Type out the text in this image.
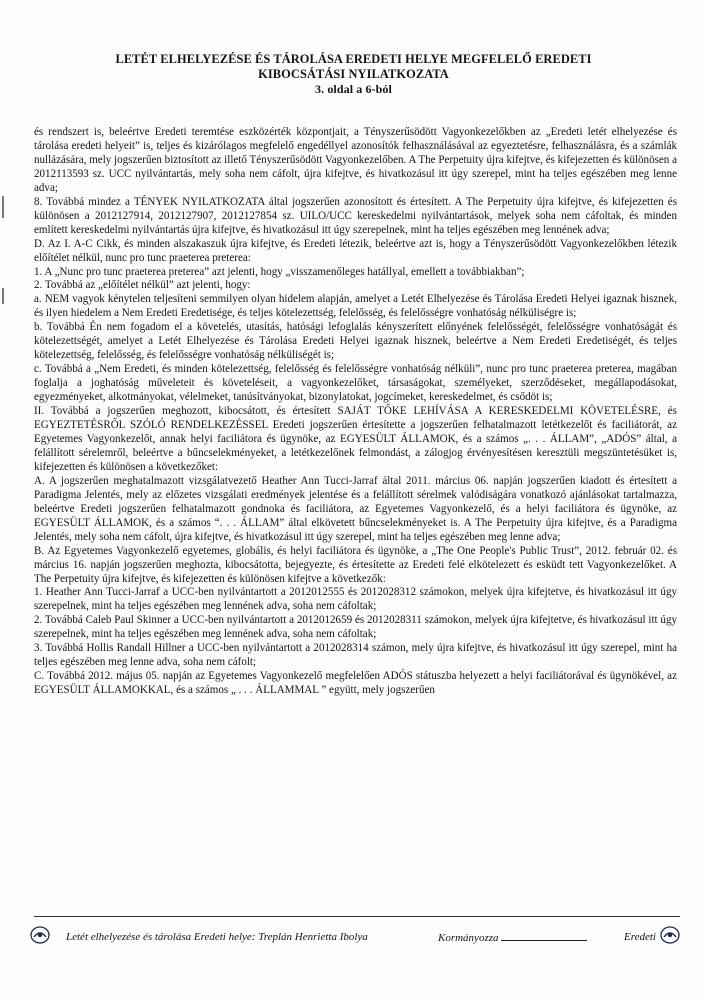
LETÉT ELHELYEZÉSE ÉS TÁROLÁSA EREDETI HELYE MEGFELELŐ EREDETI
KIBOCSÁTÁSI NYILATKOZATA
3. oldal a 6-ból

és rendszert is, beleértve Eredeti teremtése eszközérték központjait, a Tényszerűsödött Vagyonkezelőkben az „Eredeti letét elhelyezése és tárolása eredeti helyeit” is, teljes és kizárólagos megfelelő engedéllyel azonosítók felhasználásával az egyeztetésre, felhasználásra, és a számlák nullázására, mely jogszerűen biztosított az illető Tényszerűsödött Vagyonkezelőben. A The Perpetuity újra kifejtve, és kifejezetten és különösen a 2012113593 sz. UCC nyilvántartás, mely soha nem cáfolt, újra kifejtve, és hivatkozásul itt úgy szerepel, mint ha teljes egészében meg lenne adva;

8. Továbbá mindez a TÉNYEK NYILATKOZATA által jogszerűen azonosított és értesített. A The Perpetuity újra kifejtve, és kifejezetten és különösen a 2012127914, 2012127907, 2012127854 sz. UILO/UCC kereskedelmi nyilvántartások, melyek soha nem cáfoltak, és minden említett kereskedelmi nyilvántartás újra kifejtve, és hivatkozásul itt úgy szerepelnek, mint ha teljes egészében meg lennének adva;

D. Az I. A-C Cikk, és minden alszakaszuk újra kifejtve, és Eredeti létezik, beleértve azt is, hogy a Tényszerűsödött Vagyonkezelőkben létezik előítélet nélkül, nunc pro tunc praeterea preterea:

1. A „Nunc pro tunc praeterea preterea” azt jelenti, hogy „visszamenőleges hatállyal, emellett a továbbiakban”;

2. Továbbá az „előítélet nélkül” azt jelenti, hogy:

a. NEM vagyok kénytelen teljesíteni semmilyen olyan hidelem alapján, amelyet a Letét Elhelyezése és Tárolása Eredeti Helyei igaznak hisznek, és ilyen hiedelem a Nem Eredeti Eredetisége, és teljes kötelezettség, felelősség, és felelősségre vonhatóság nélküliségre is;

b. Továbbá Én nem fogadom el a követelés, utasítás, hatósági lefoglalás kényszerített előnyének felelősségét, felelősségre vonhatóságát és kötelezettségét, amelyet a Letét Elhelyezése és Tárolása Eredeti Helyei igaznak hisznek, beleértve a Nem Eredeti Eredetiségét, és teljes kötelezettség, felelősség, és felelősségre vonhatóság nélküliségét is;

c. Továbbá a „Nem Eredeti, és minden kötelezettség, felelősség és felelősségre vonhatóság nélküli”, nunc pro tunc praeterea preterea, magában foglalja a joghatóság műveleteit és követeléseit, a vagyonkezelőket, társaságokat, személyeket, szerződéseket, megállapodásokat, egyezményeket, alkotmányokat, vélelmeket, tanúsítványokat, bizonylatokat, jogcímeket, kereskedelmet, és csődöt is;

II. Továbbá a jogszerűen meghozott, kibocsátott, és értesített SAJÁT TŐKE LEHÍVÁSA A KERESKEDELMI KÖVETELÉSRE, és EGYEZTETÉSRŐL SZÓLÓ RENDELKEZÉSSEL Eredeti jogszerűen értesítette a jogszerűen felhatalmazott letétkezelőt és faciliátorát, az Egyetemes Vagyonkezelőt, annak helyi faciliátora és ügynöke, az EGYESÜLT ÁLLAMOK, és a számos „. . . ÁLLAM”, „ADÓS” által, a felállított sérelemről, beleértve a bűncselekményeket, a letétkezelőnek felmondást, a zálogjog érvényesítésen keresztüli megszüntetésüket is, kifejezetten és különösen a következőket:

A. A jogszerűen meghatalmazott vizsgálatvezető Heather Ann Tucci-Jarraf által 2011. március 06. napján jogszerűen kiadott és értesített a Paradigma Jelentés, mely az előzetes vizsgálati eredmények jelentése és a felállított sérelmek valódiságára vonatkozó ajánlásokat tartalmazza, beleértve Eredeti jogszerűen felhatalmazott gondnoka és faciliátora, az Egyetemes Vagyonkezelő, és a helyi faciliátora és ügynöke, az EGYESÜLT ÁLLAMOK, és a számos “. . . ÁLLAM” által elkövetett bűncselekményeket is. A The Perpetuity újra kifejtve, és a Paradigma Jelentés, mely soha nem cáfolt, újra kifejtve, és hivatkozásul itt úgy szerepel, mint ha teljes egészében meg lenne adva;

B. Az Egyetemes Vagyonkezelő egyetemes, globális, és helyi faciliátora és ügynöke, a „The One People's Public Trust”, 2012. február 02. és március 16. napján jogszerűen meghozta, kibocsátotta, bejegyezte, és értesítette az Eredeti felé elkötelezett és esküdt tett Vagyonkezelőket. A The Perpetuity újra kifejtve, és kifejezetten és különösen kifejtve a következők:

1. Heather Ann Tucci-Jarraf a UCC-ben nyilvántartott a 2012012555 és 2012028312 számokon, melyek újra kifejtetve, és hivatkozásul itt úgy szerepelnek, mint ha teljes egészében meg lennének adva, soha nem cáfoltak;

2. Továbbá Caleb Paul Skinner a UCC-ben nyilvántartott a 2012012659 és 2012028311 számokon, melyek újra kifejtetve, és hivatkozásul itt úgy szerepelnek, mint ha teljes egészében meg lennének adva, soha nem cáfoltak;

3. Továbbá Hollis Randall Hillner a UCC-ben nyilvántartott a 2012028314 számon, mely újra kifejtve, és hivatkozásul itt úgy szerepel, mint ha teljes egészében meg lenne adva, soha nem cáfolt;

C. Továbbá 2012. május 05. napján az Egyetemes Vagyonkezelő megfelelően ADÓS státuszba helyezett a helyi faciliátorával és ügynökével, az EGYESÜLT ÁLLAMOKKAL, és a számos „ . . . ÁLLAMMAL ” együtt, mely jogszerűen

Letét elhelyezése és tárolása Eredeti helye: Treplán Henrietta Ibolya	Kormányozza	Eredeti
